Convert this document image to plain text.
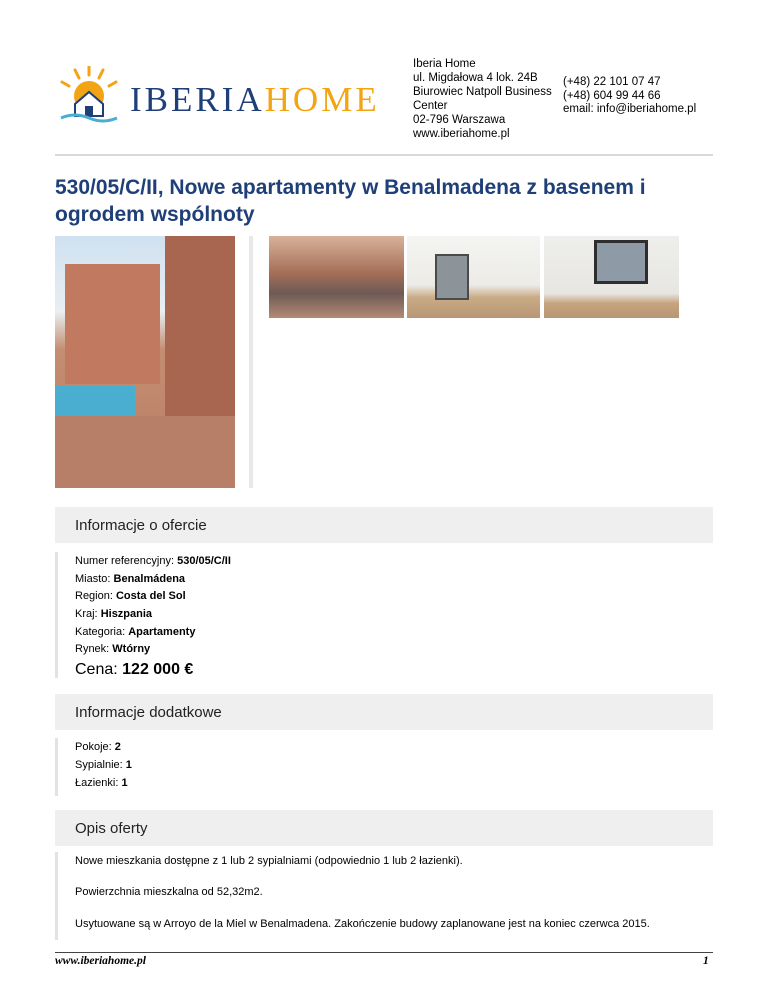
IBERIAHOME
Iberia Home
ul. Migdałowa 4 lok. 24B
Biurowiec Natpoll Business
Center
02-796 Warszawa
www.iberiahome.pl
(+48) 22 101 07 47
(+48) 604 99 44 66
email: info@iberiahome.pl
530/05/C/II, Nowe apartamenty w Benalmadena z basenem i
ogrodem wspólnoty
Informacje o ofercie
Numer referencyjny: 530/05/C/II
Miasto: Benalmádena
Region: Costa del Sol
Kraj: Hiszpania
Kategoria: Apartamenty
Rynek: Wtórny
Cena: 122 000 €
Informacje dodatkowe
Pokoje: 2
Sypialnie: 1
Łazienki: 1
Opis oferty
Nowe mieszkania dostępne z 1 lub 2 sypialniami (odpowiednio 1 lub 2 łazienki).
Powierzchnia mieszkalna od 52,32m2.
Usytuowane są w Arroyo de la Miel w Benalmadena. Zakończenie budowy zaplanowane jest na koniec czerwca 2015.
www.iberiahome.pl	1
